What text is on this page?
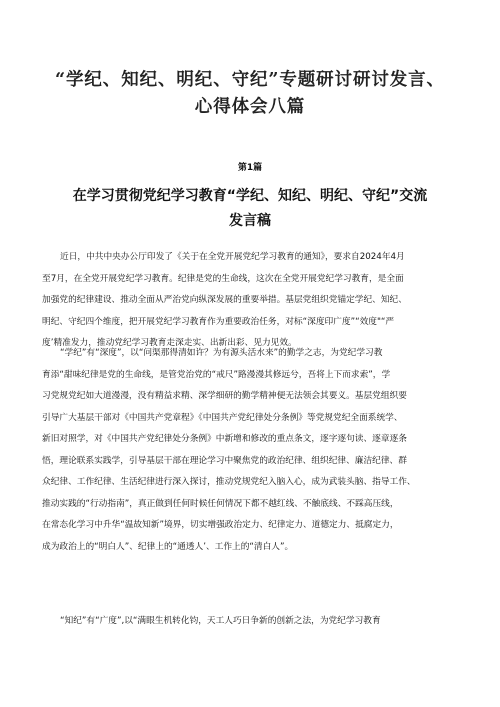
“学纪、知纪、明纪、守纪”专题研讨研讨发言、
心得体会八篇
第1篇
在学习贯彻党纪学习教育“学纪、知纪、明纪、守纪”交流
发言稿
近日，中共中央办公厅印发了《关于在全党开展党纪学习教育的通知》，要求自2024年4月
至7月，在全党开展党纪学习教育。纪律是党的生命线，这次在全党开展党纪学习教育，是全面
加强党的纪律建设、推动全面从严治党向纵深发展的重要举措。基层党组织党锚定学纪、知纪、
明纪、守纪四个维度，把开展党纪学习教育作为重要政治任务，对标“深度印广度”“效度"“严
度’精准发力，推动党纪学习教育走深走实、出新出彩、见力见效。
“学纪”有“深度”，以“问渠那得清如许？为有源头活水来”的勤学之志，为党纪学习教
育添“甜味纪律是党的生命线，是管党治党的“戒尺”路漫漫其修远兮，吾将上下而求索”，学
习党规党纪如大道漫漫，没有精益求精、深学细研的勤学精神便无法领会其要义。基层党组织要
引导广大基层干部对《中国共产党章程》《中国共产党纪律处分条例》等党规党纪全面系统学、
新旧对照学，对《中国共产党纪律处分条例》中新增和修改的重点条文，逐字逐句读、逐章逐条
悟，理论联系实践学，引导基层干部在理论学习中聚焦党的政治纪律、组织纪律、廉洁纪律、群
众纪律、工作纪律、生活纪律进行深入探讨，推动党规党纪入脑入心，成为武装头脑、指导工作、
推动实践的“行动指南”，真正做到任何时候任何情况下都不越红线、不触底线、不踩高压线，
在常态化学习中升华“温故知新”境界，切实增强政治定力、纪律定力、道德定力、抵腐定力，
成为政治上的“明白人”、纪律上的“通透人’、工作上的“清白人”。
“知纪”有“广度”,以“满眼生机转化钧，天工人巧日争新的创新之法，为党纪学习教育
